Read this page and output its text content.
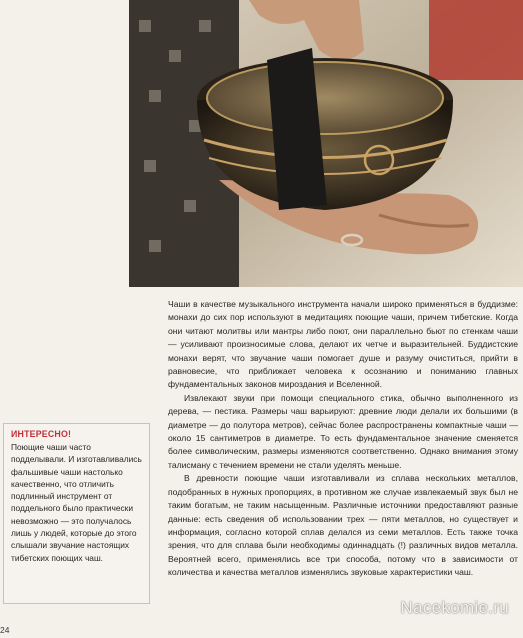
Чаши в качестве музыкального инструмента начали широко применяться в буддизме: монахи до сих пор используют в медитациях поющие чаши, причем тибетские. Когда они читают молитвы или мантры либо поют, они параллельно бьют по стенкам чаши — усиливают произносимые слова, делают их четче и выразительней. Буддистские монахи верят, что звучание чаши помогает душе и разуму очиститься, прийти в равновесие, что приближает человека к осознанию и пониманию главных фундаментальных законов мироздания и Вселенной.

Извлекают звуки при помощи специального стика, обычно выполненного из дерева, — пестика. Размеры чаш варьируют: древние люди делали их большими (в диаметре — до полутора метров), сейчас более распространены компактные чаши — около 15 сантиметров в диаметре. То есть фундаментальное значение сменяется более символическим, размеры изменяются соответственно. Однако внимания этому талисману с течением времени не стали уделять меньше.

В древности поющие чаши изготавливали из сплава нескольких металлов, подобранных в нужных пропорциях, в противном же случае извлекаемый звук был не таким богатым, не таким насыщенным. Различные источники предоставляют разные данные: есть сведения об использовании трех — пяти металлов, но существует и информация, согласно которой сплав делался из семи металлов. Есть также точка зрения, что для сплава были необходимы одиннадцать (!) различных видов металла. Вероятней всего, применялись все три способа, потому что в зависимости от количества и качества металлов изменялись звуковые характеристики чаш.

ИНТЕРЕСНО!
Поющие чаши часто подделывали. И изготавливались фальшивые чаши настолько качественно, что отличить подлинный инструмент от поддельного было практически невозможно — это получалось лишь у людей, которые до этого слышали звучание настоящих тибетских поющих чаш.
24
Nacekomie.ru
